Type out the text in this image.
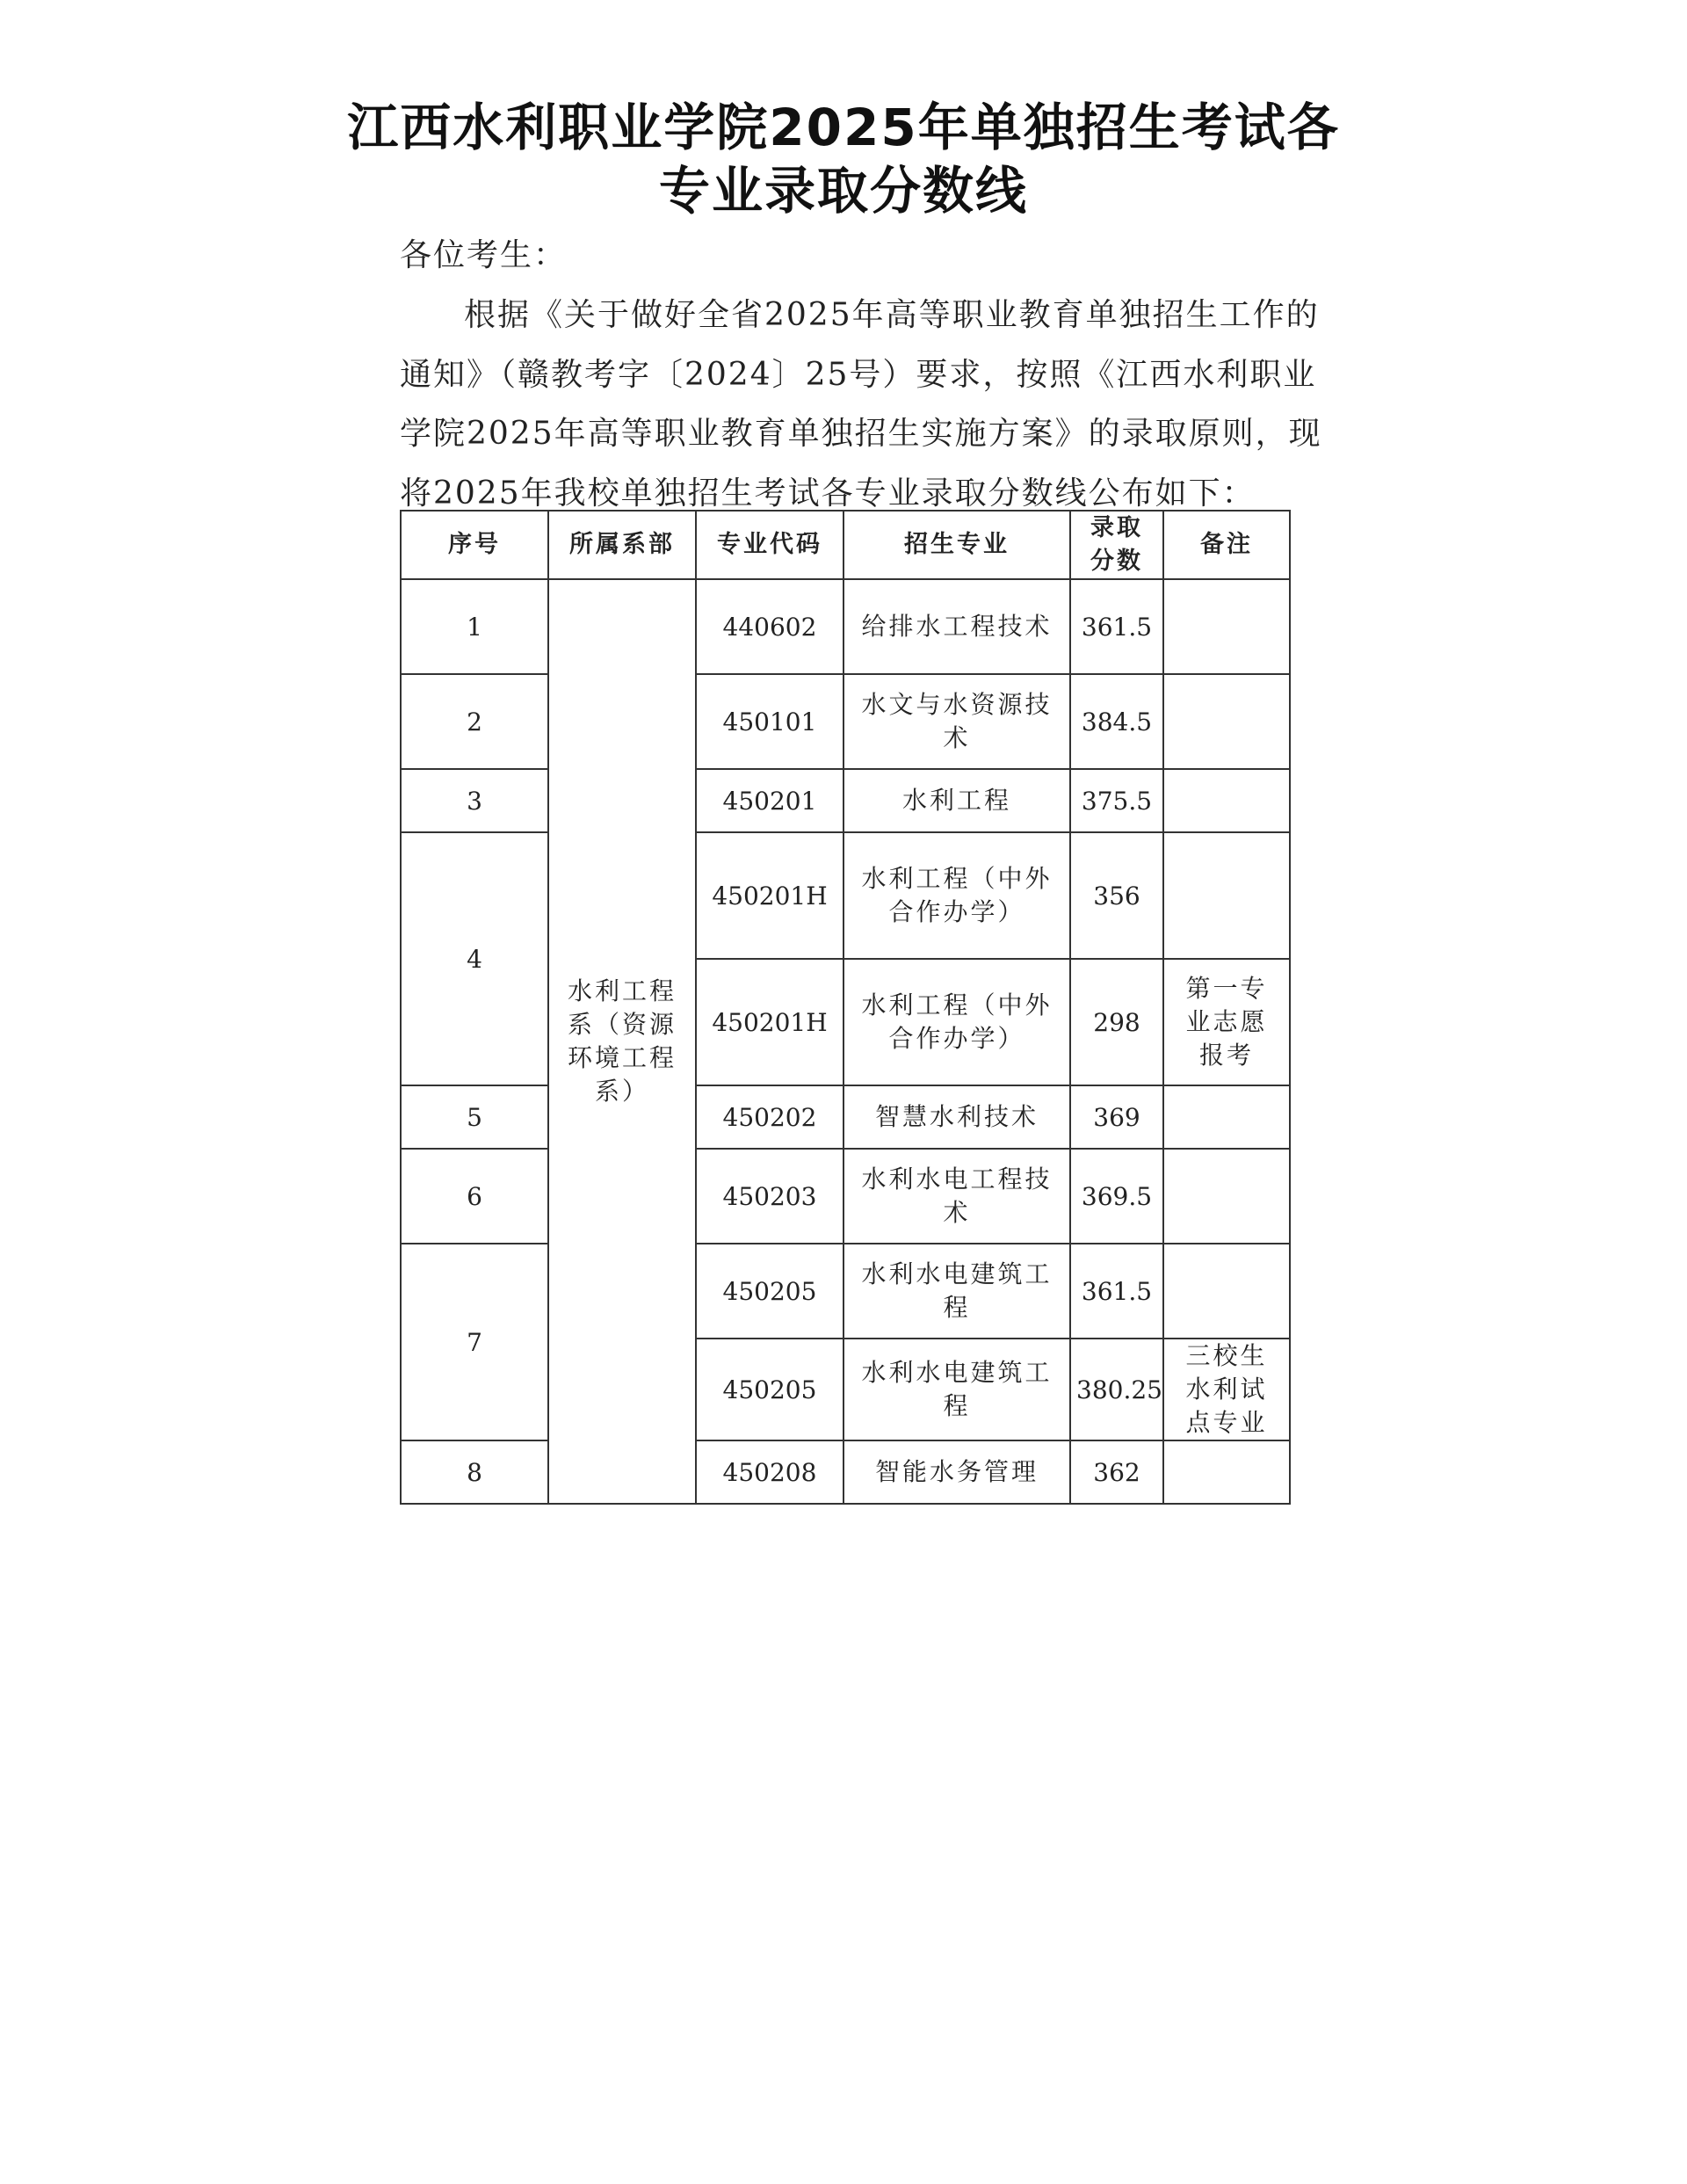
江西水利职业学院2025年单独招生考试各
专业录取分数线
各位考生：
根据《关于做好全省2025年高等职业教育单独招生工作的
通知》（赣教考字〔2024〕25号）要求，按照《江西水利职业
学院2025年高等职业教育单独招生实施方案》的录取原则，现
将2025年我校单独招生考试各专业录取分数线公布如下：
序号	所属系部	专业代码	招生专业	录取分数	备注
1	水利工程系（资源环境工程系）	440602	给排水工程技术	361.5	
2		450101	水文与水资源技术	384.5	
3		450201	水利工程	375.5	
4		450201H	水利工程（中外合作办学）	356	
		450201H	水利工程（中外合作办学）	298	第一专业志愿报考

5		450202	智慧水利技术	369	
6		450203	水利水电工程技术	369.5	
7		450205	水利水电建筑工程	361.5	
		450205	水利水电建筑工程	380.25	三校生水利试点专业

8		450208	智能水务管理	362	
